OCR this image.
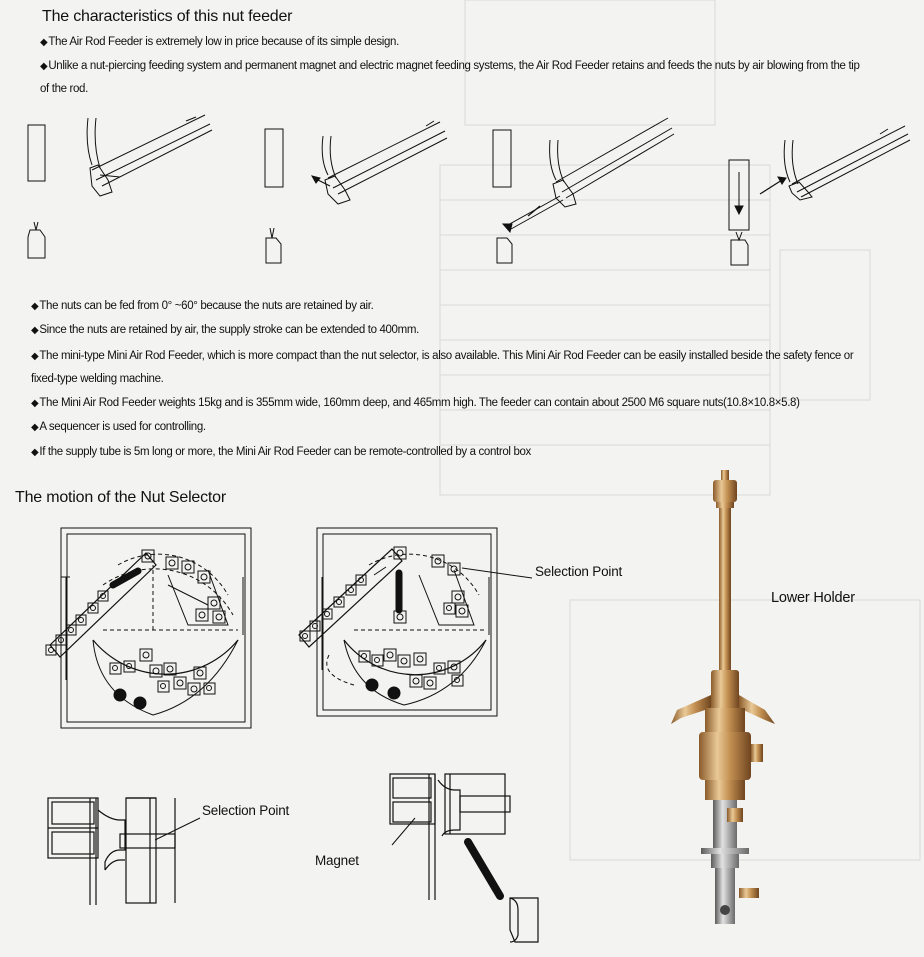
The characteristics of this nut feeder
◆The Air Rod Feeder is extremely low in price because of its simple design.
◆Unlike a nut-piercing feeding system and permanent magnet and electric magnet feeding systems, the Air Rod Feeder retains and feeds the nuts by air blowing from the tip
of the rod.
◆The nuts can be fed from 0° ~60° because the nuts are retained by air.
◆Since the nuts are retained by air, the supply stroke can be extended to 400mm.
◆The mini-type Mini Air Rod Feeder, which is more compact than the nut selector, is also available. This Mini Air Rod Feeder can be easily installed beside the safety fence or
fixed-type welding machine.
◆The Mini Air Rod Feeder weights 15kg and is 355mm wide, 160mm deep, and 465mm high. The feeder can contain about 2500 M6 square nuts(10.8×10.8×5.8)
◆A sequencer is used for controlling.
◆If the supply tube is 5m long or more, the Mini Air Rod Feeder can be remote-controlled by a control box
The motion of the Nut Selector
Selection Point
Lower Holder
Selection Point
Magnet
